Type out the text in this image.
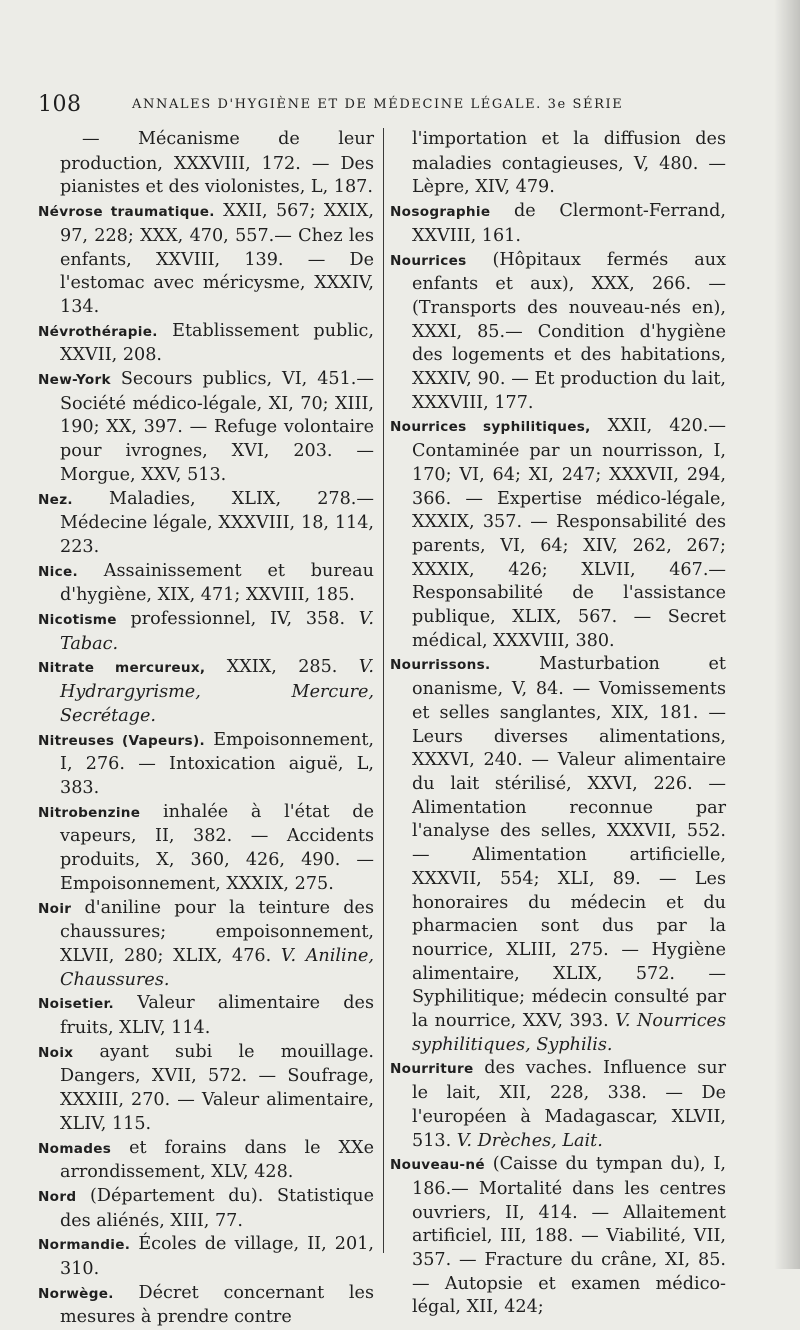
108	ANNALES D'HYGIÈNE ET DE MÉDECINE LÉGALE. 3e SÉRIE

— Mécanisme de leur production, XXXVIII, 172. — Des pianistes et des violonistes, L, 187.

Névrose traumatique. XXII, 567; XXIX, 97, 228; XXX, 470, 557.— Chez les enfants, XXVIII, 139. — De l'estomac avec méricysme, XXXIV, 134.

Névrothérapie. Etablissement public, XXVII, 208.

New-York Secours publics, VI, 451.—Société médico-légale, XI, 70; XIII, 190; XX, 397. — Refuge volontaire pour ivrognes, XVI, 203. — Morgue, XXV, 513.

Nez. Maladies, XLIX, 278.— Médecine légale, XXXVIII, 18, 114, 223.

Nice. Assainissement et bureau d'hygiène, XIX, 471; XXVIII, 185.

Nicotisme professionnel, IV, 358. V. Tabac.

Nitrate mercureux, XXIX, 285. V. Hydrargyrisme, Mercure, Secrétage.

Nitreuses (Vapeurs). Empoisonnement, I, 276. — Intoxication aiguë, L, 383.

Nitrobenzine inhalée à l'état de vapeurs, II, 382. — Accidents produits, X, 360, 426, 490. — Empoisonnement, XXXIX, 275.

Noir d'aniline pour la teinture des chaussures; empoisonnement, XLVII, 280; XLIX, 476. V. Aniline, Chaussures.

Noisetier. Valeur alimentaire des fruits, XLIV, 114.

Noix ayant subi le mouillage. Dangers, XVII, 572. — Soufrage, XXXIII, 270. — Valeur alimentaire, XLIV, 115.

Nomades et forains dans le XXe arrondissement, XLV, 428.

Nord (Département du). Statistique des aliénés, XIII, 77.

Normandie. Écoles de village, II, 201, 310.

Norwège. Décret concernant les mesures à prendre contre

l'importation et la diffusion des maladies contagieuses, V, 480. — Lèpre, XIV, 479.

Nosographie de Clermont-Ferrand, XXVIII, 161.

Nourrices (Hôpitaux fermés aux enfants et aux), XXX, 266. — (Transports des nouveau-nés en), XXXI, 85.— Condition d'hygiène des logements et des habitations, XXXIV, 90. — Et production du lait, XXXVIII, 177.

Nourrices syphilitiques, XXII, 420.— Contaminée par un nourrisson, I, 170; VI, 64; XI, 247; XXXVII, 294, 366. — Expertise médico-légale, XXXIX, 357. — Responsabilité des parents, VI, 64; XIV, 262, 267; XXXIX, 426; XLVII, 467.— Responsabilité de l'assistance publique, XLIX, 567. — Secret médical, XXXVIII, 380.

Nourrissons. Masturbation et onanisme, V, 84. — Vomissements et selles sanglantes, XIX, 181. — Leurs diverses alimentations, XXXVI, 240. — Valeur alimentaire du lait stérilisé, XXVI, 226. — Alimentation reconnue par l'analyse des selles, XXXVII, 552. — Alimentation artificielle, XXXVII, 554; XLI, 89. — Les honoraires du médecin et du pharmacien sont dus par la nourrice, XLIII, 275. — Hygiène alimentaire, XLIX, 572. — Syphilitique; médecin consulté par la nourrice, XXV, 393. V. Nourrices syphilitiques, Syphilis.

Nourriture des vaches. Influence sur le lait, XII, 228, 338. — De l'européen à Madagascar, XLVII, 513. V. Drèches, Lait.

Nouveau-né (Caisse du tympan du), I, 186.— Mortalité dans les centres ouvriers, II, 414. — Allaitement artificiel, III, 188. — Viabilité, VII, 357. — Fracture du crâne, XI, 85. — Autopsie et examen médico-légal, XII, 424;
